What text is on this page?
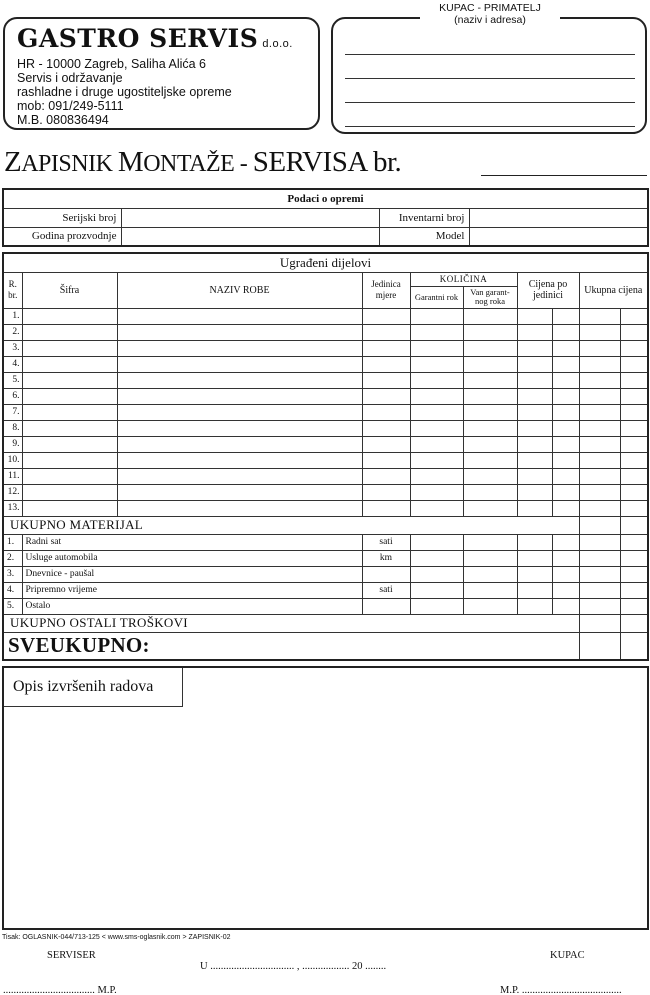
GASTRO SERVIS d.o.o.
HR - 10000 Zagreb, Saliha Alića 6
Servis i održavanje
rashladne i druge ugostiteljske opreme
mob: 091/249-5111
M.B. 080836494
KUPAC - PRIMATELJ
(naziv i adresa)
ZAPISNIK MONTAŽE - SERVISA br.
Podaci o opremi			
Serijski broj		Inventarni broj	
Godina prozvodnje		Model	
Ugrađeni dijelovi									
R. br.	Šifra	NAZIV ROBE	Jedinica mjere	KOLIČINA		Cijena po jedinici		Ukupna cijena	
				Garantni rok	Van garant- nog roka				
1.									
2.									
3.									
4.									
5.									
6.									
7.									
8.									
9.									
10.									
11.									
12.									
13.									
UKUPNO MATERIJAL									
1.	Radni sat		sati						
2.	Usluge automobila		km						
3.	Dnevnice - paušal								
4.	Pripremno vrijeme		sati						
5.	Ostalo								
UKUPNO OSTALI TROŠKOVI									
SVEUKUPNO:									
Opis izvršenih radova
Tisak: OGLASNIK-044/713-125 < www.sms-oglasnik.com > ZAPISNIK-02
SERVISER	KUPAC
U ................................ , .................. 20 ........
................................... M.P.	M.P. ......................................
